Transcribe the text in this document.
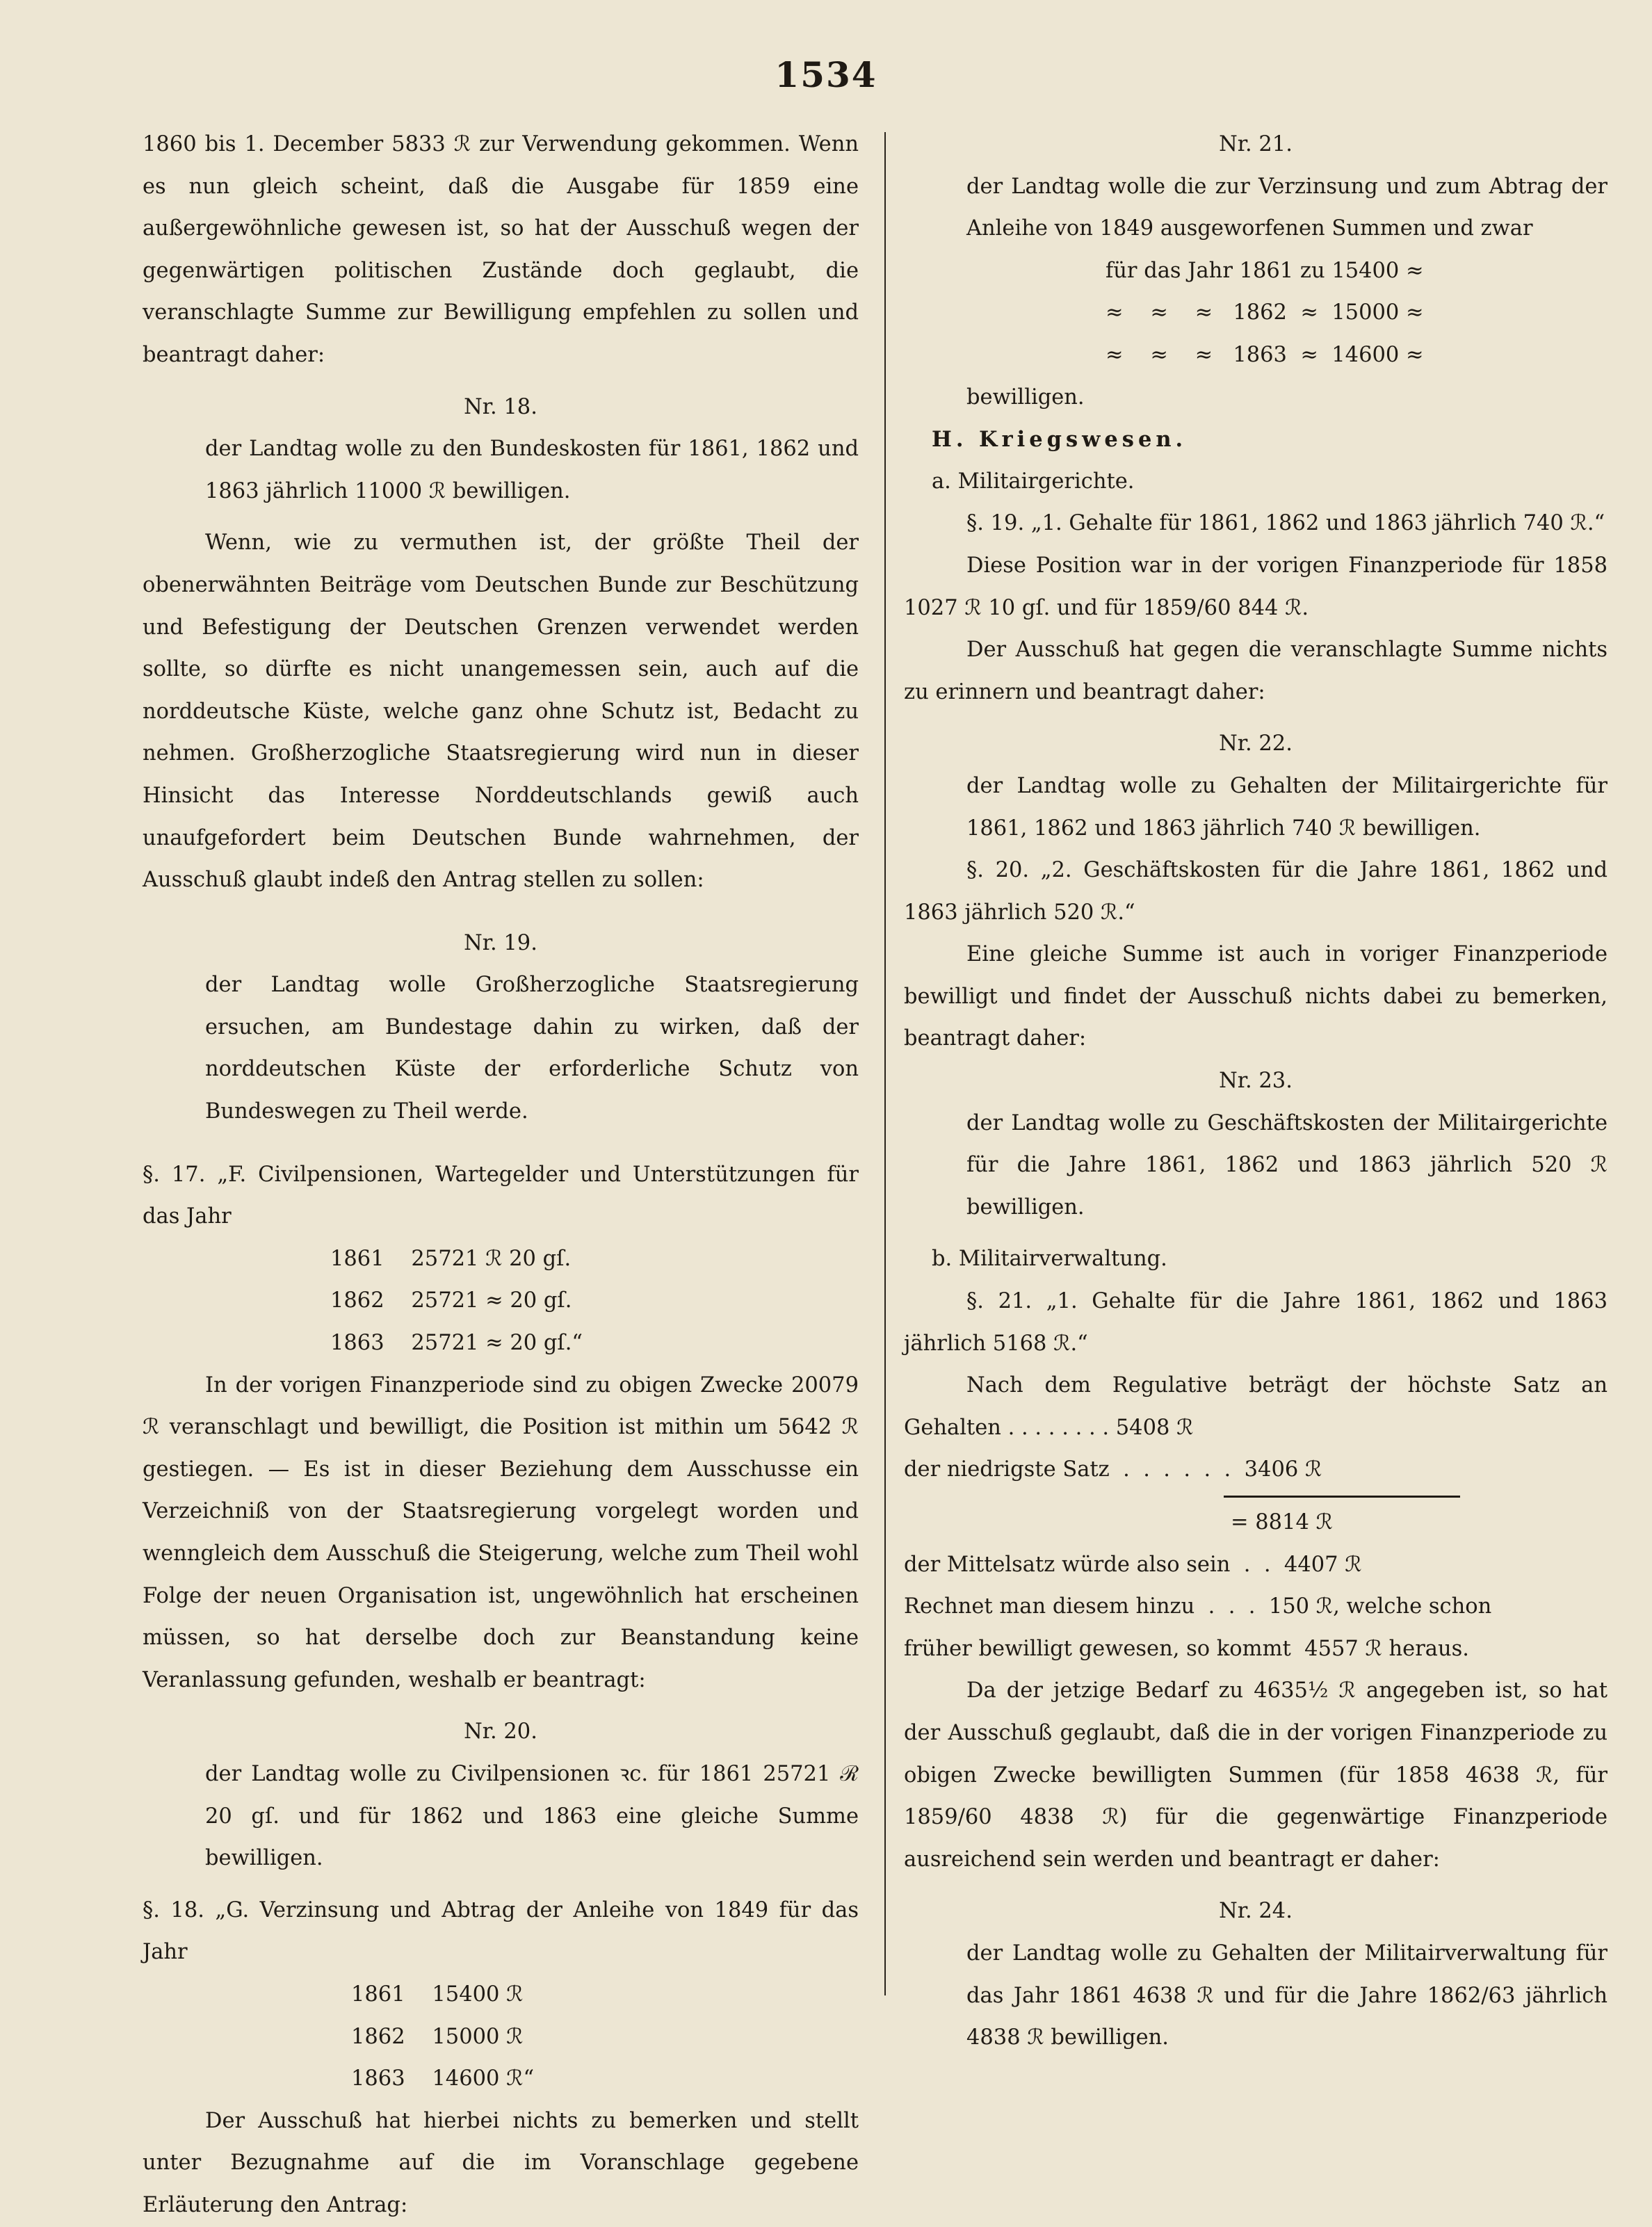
1534

1860 bis 1. December 5833 ℛ zur Verwendung gekommen. Wenn es nun gleich scheint, daß die Ausgabe für 1859 eine außergewöhnliche gewesen ist, so hat der Ausschuß wegen der gegenwärtigen politischen Zustände doch geglaubt, die veranschlagte Summe zur Bewilligung empfehlen zu sollen und beantragt daher:

Nr. 18.

der Landtag wolle zu den Bundeskosten für 1861, 1862 und 1863 jährlich 11000 ℛ bewilligen.

Wenn, wie zu vermuthen ist, der größte Theil der obenerwähnten Beiträge vom Deutschen Bunde zur Beschützung und Befestigung der Deutschen Grenzen verwendet werden sollte, so dürfte es nicht unangemessen sein, auch auf die norddeutsche Küste, welche ganz ohne Schutz ist, Bedacht zu nehmen. Großherzogliche Staatsregierung wird nun in dieser Hinsicht das Interesse Norddeutschlands gewiß auch unaufgefordert beim Deutschen Bunde wahrnehmen, der Ausschuß glaubt indeß den Antrag stellen zu sollen:

Nr. 19.

der Landtag wolle Großherzogliche Staatsregierung ersuchen, am Bundestage dahin zu wirken, daß der norddeutschen Küste der erforderliche Schutz von Bundeswegen zu Theil werde.

§. 17. „F. Civilpensionen, Wartegelder und Unterstützungen für das Jahr

1861    25721 ℛ 20 gſ.
1862    25721 ≈ 20 gſ.
1863    25721 ≈ 20 gſ.“

In der vorigen Finanzperiode sind zu obigen Zwecke 20079 ℛ veranschlagt und bewilligt, die Position ist mithin um 5642 ℛ gestiegen. — Es ist in dieser Beziehung dem Ausschusse ein Verzeichniß von der Staatsregierung vorgelegt worden und wenngleich dem Ausschuß die Steigerung, welche zum Theil wohl Folge der neuen Organisation ist, ungewöhnlich hat erscheinen müssen, so hat derselbe doch zur Beanstandung keine Veranlassung gefunden, weshalb er beantragt:

Nr. 20.

der Landtag wolle zu Civilpensionen ꝛc. für 1861 25721 ℛ 20 gſ. und für 1862 und 1863 eine gleiche Summe bewilligen.

§. 18. „G. Verzinsung und Abtrag der Anleihe von 1849 für das Jahr

1861    15400 ℛ
1862    15000 ℛ
1863    14600 ℛ“

Der Ausschuß hat hierbei nichts zu bemerken und stellt unter Bezugnahme auf die im Voranschlage gegebene Erläuterung den Antrag:

Nr. 21.

der Landtag wolle die zur Verzinsung und zum Abtrag der Anleihe von 1849 ausgeworfenen Summen und zwar

für das Jahr 1861 zu 15400 ≈
≈    ≈    ≈   1862  ≈  15000 ≈
≈    ≈    ≈   1863  ≈  14600 ≈

bewilligen.

H. Kriegswesen.

a. Militairgerichte.

§. 19. „1. Gehalte für 1861, 1862 und 1863 jährlich 740 ℛ.“

Diese Position war in der vorigen Finanzperiode für 1858 1027 ℛ 10 gſ. und für 1859/60 844 ℛ.

Der Ausschuß hat gegen die veranschlagte Summe nichts zu erinnern und beantragt daher:

Nr. 22.

der Landtag wolle zu Gehalten der Militairgerichte für 1861, 1862 und 1863 jährlich 740 ℛ bewilligen.

§. 20. „2. Geschäftskosten für die Jahre 1861, 1862 und 1863 jährlich 520 ℛ.“

Eine gleiche Summe ist auch in voriger Finanzperiode bewilligt und findet der Ausschuß nichts dabei zu bemerken, beantragt daher:

Nr. 23.

der Landtag wolle zu Geschäftskosten der Militairgerichte für die Jahre 1861, 1862 und 1863 jährlich 520 ℛ bewilligen.

b. Militairverwaltung.

§. 21. „1. Gehalte für die Jahre 1861, 1862 und 1863 jährlich 5168 ℛ.“

Nach dem Regulative beträgt der höchste Satz an Gehalten . . . . . . . . 5408 ℛ

der niedrigste Satz  .  .  .  .  .  .  3406 ℛ
= 8814 ℛ
der Mittelsatz würde also sein  .  .  4407 ℛ
Rechnet man diesem hinzu  .  .  .  150 ℛ, welche schon
früher bewilligt gewesen, so kommt  4557 ℛ heraus.

Da der jetzige Bedarf zu 4635½ ℛ angegeben ist, so hat der Ausschuß geglaubt, daß die in der vorigen Finanzperiode zu obigen Zwecke bewilligten Summen (für 1858 4638 ℛ, für 1859/60 4838 ℛ) für die gegenwärtige Finanzperiode ausreichend sein werden und beantragt er daher:

Nr. 24.

der Landtag wolle zu Gehalten der Militairverwaltung für das Jahr 1861 4638 ℛ und für die Jahre 1862/63 jährlich 4838 ℛ bewilligen.
